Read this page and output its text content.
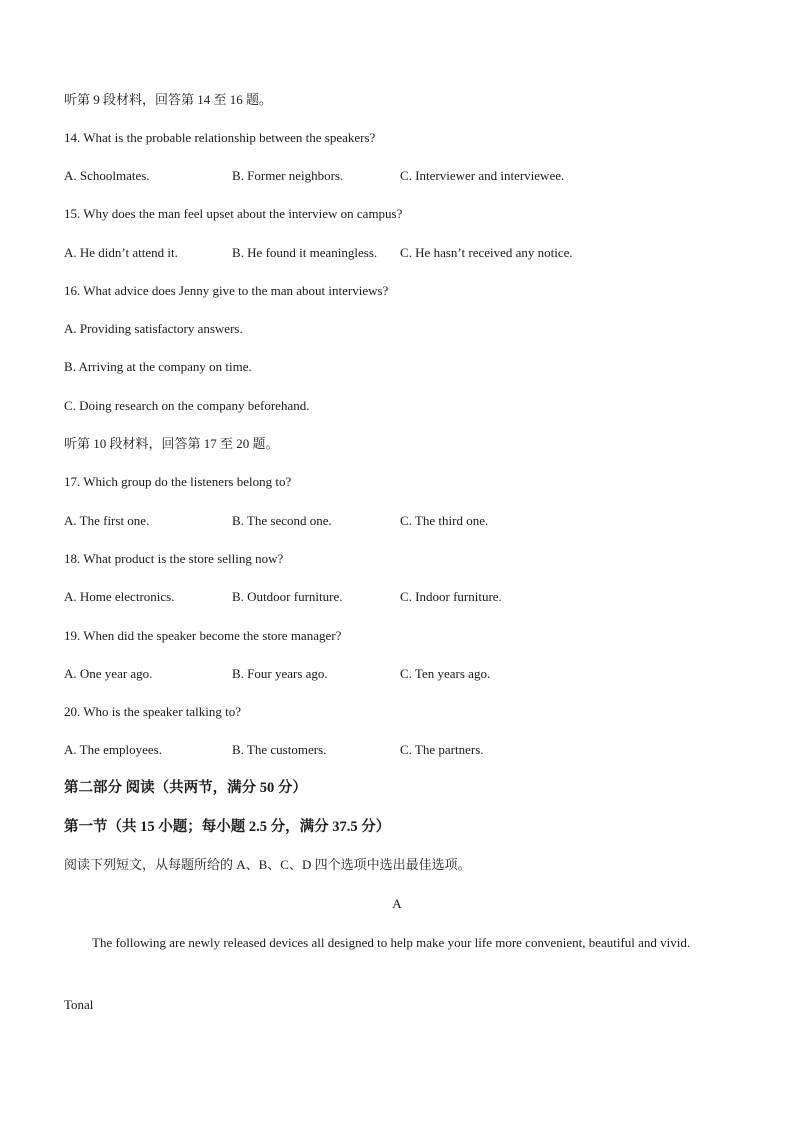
听第 9 段材料，回答第 14 至 16 题。
14. What is the probable relationship between the speakers?
A. Schoolmates.	B. Former neighbors.	C. Interviewer and interviewee.
15. Why does the man feel upset about the interview on campus?
A. He didn’t attend it.	B. He found it meaningless. C. He hasn’t received any notice.
16. What advice does Jenny give to the man about interviews?
A. Providing satisfactory answers.
B. Arriving at the company on time.
C. Doing research on the company beforehand.
听第 10 段材料，回答第 17 至 20 题。
17. Which group do the listeners belong to?
A. The first one.	B. The second one.	C. The third one.
18. What product is the store selling now?
A. Home electronics.	B. Outdoor furniture.	C. Indoor furniture.
19. When did the speaker become the store manager?
A. One year ago.	B. Four years ago.	C. Ten years ago.
20. Who is the speaker talking to?
A. The employees.	B. The customers.	C. The partners.
第二部分 阅读（共两节，满分 50 分）
第一节（共 15 小题；每小题 2.5 分，满分 37.5 分）
阅读下列短文，从每题所给的 A、B、C、D 四个选项中选出最佳选项。
A
The following are newly released devices all designed to help make your life more convenient, beautiful and vivid.
Tonal
